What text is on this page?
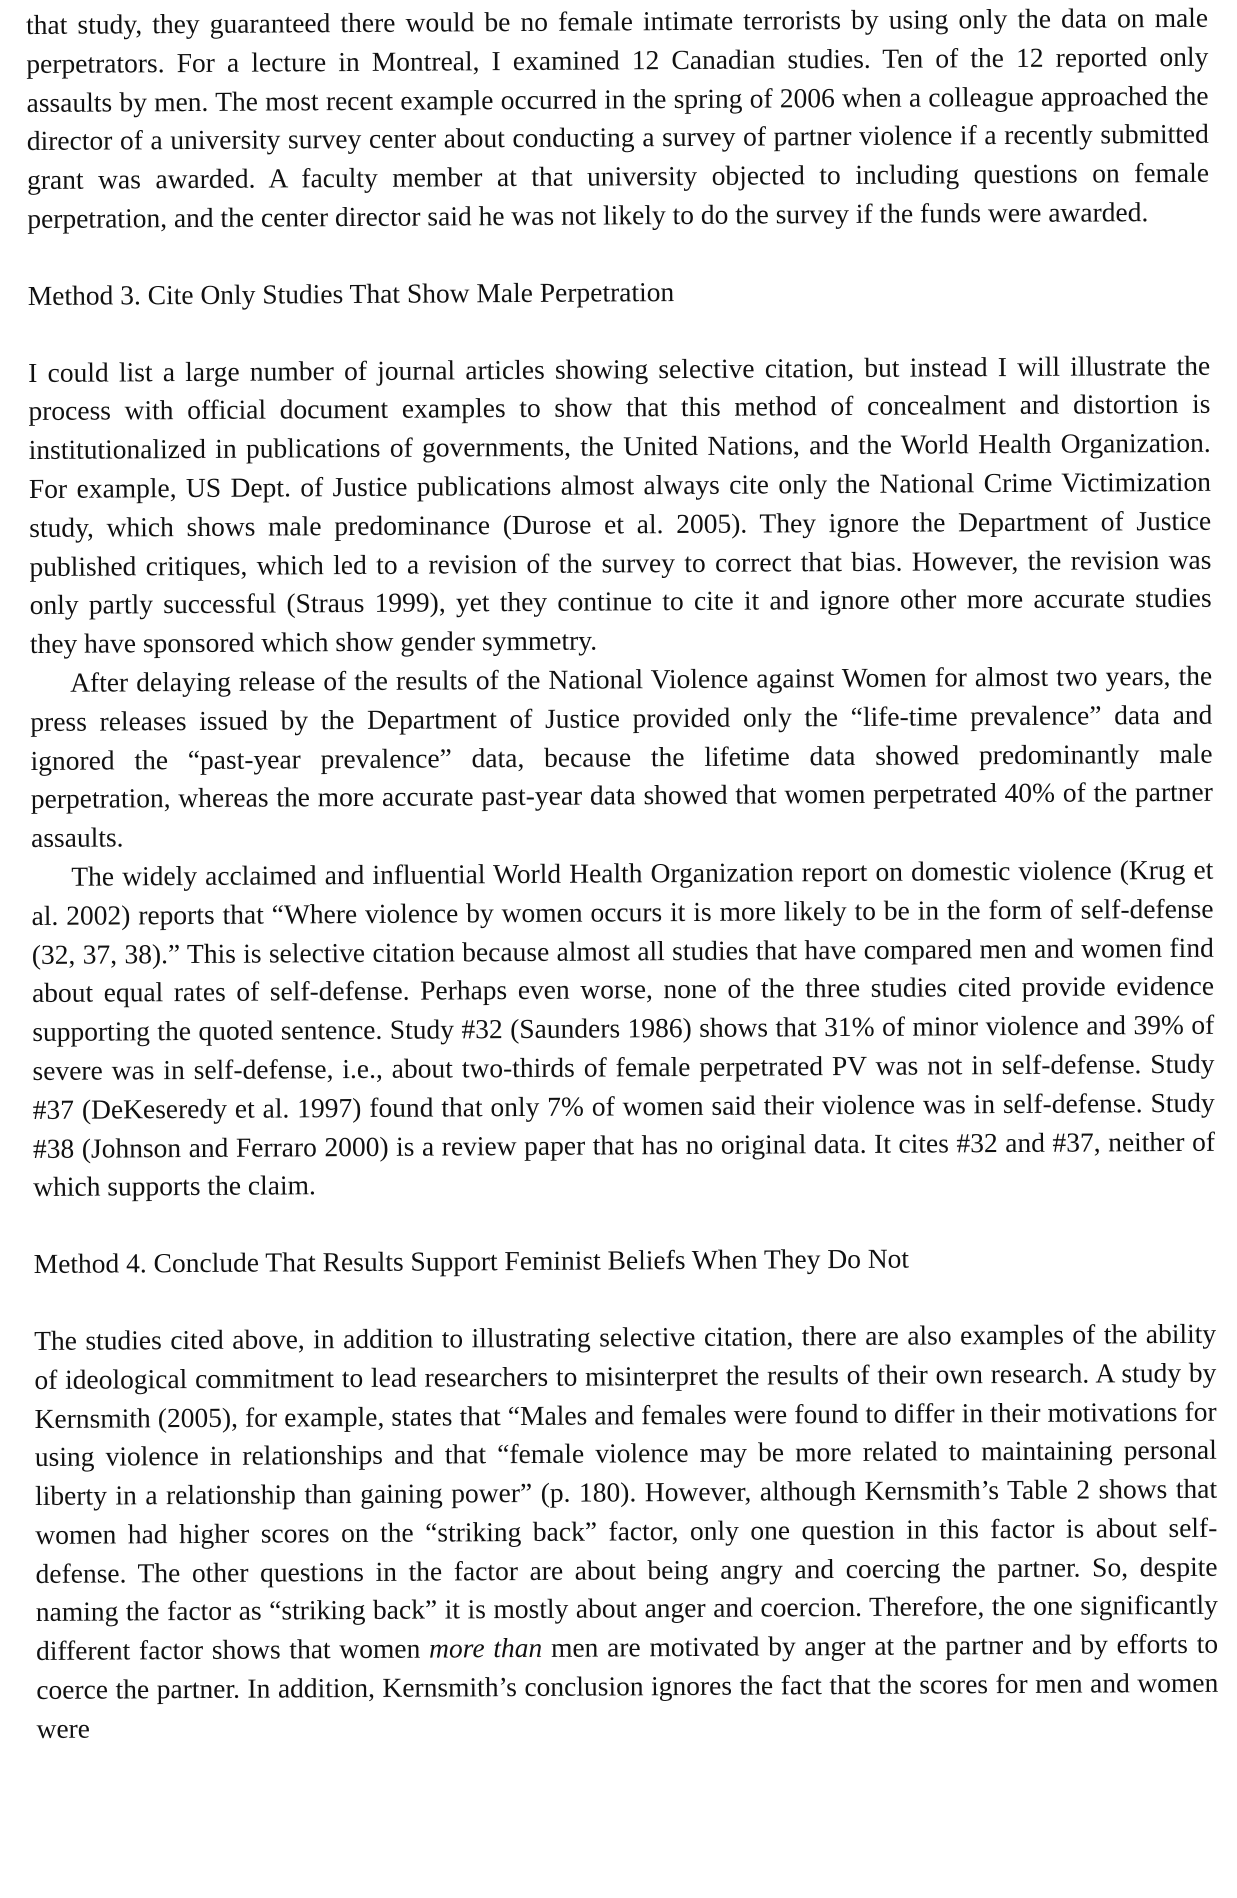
that study, they guaranteed there would be no female intimate terrorists by using only the data on male perpetrators. For a lecture in Montreal, I examined 12 Canadian studies. Ten of the 12 reported only assaults by men. The most recent example occurred in the spring of 2006 when a colleague approached the director of a university survey center about conducting a survey of partner violence if a recently submitted grant was awarded. A faculty member at that university objected to including questions on female perpetration, and the center director said he was not likely to do the survey if the funds were awarded.

Method 3. Cite Only Studies That Show Male Perpetration

I could list a large number of journal articles showing selective citation, but instead I will illustrate the process with official document examples to show that this method of concealment and distortion is institutionalized in publications of governments, the United Nations, and the World Health Organization. For example, US Dept. of Justice publications almost always cite only the National Crime Victimization study, which shows male predominance (Durose et al. 2005). They ignore the Department of Justice published critiques, which led to a revision of the survey to correct that bias. However, the revision was only partly successful (Straus 1999), yet they continue to cite it and ignore other more accurate studies they have sponsored which show gender symmetry.

After delaying release of the results of the National Violence against Women for almost two years, the press releases issued by the Department of Justice provided only the “life-time prevalence” data and ignored the “past-year prevalence” data, because the lifetime data showed predominantly male perpetration, whereas the more accurate past-year data showed that women perpetrated 40% of the partner assaults.

The widely acclaimed and influential World Health Organization report on domestic violence (Krug et al. 2002) reports that “Where violence by women occurs it is more likely to be in the form of self-defense (32, 37, 38).” This is selective citation because almost all studies that have compared men and women find about equal rates of self-defense. Perhaps even worse, none of the three studies cited provide evidence supporting the quoted sentence. Study #32 (Saunders 1986) shows that 31% of minor violence and 39% of severe was in self-defense, i.e., about two-thirds of female perpetrated PV was not in self-defense. Study #37 (DeKeseredy et al. 1997) found that only 7% of women said their violence was in self-defense. Study #38 (Johnson and Ferraro 2000) is a review paper that has no original data. It cites #32 and #37, neither of which supports the claim.

Method 4. Conclude That Results Support Feminist Beliefs When They Do Not

The studies cited above, in addition to illustrating selective citation, there are also examples of the ability of ideological commitment to lead researchers to misinterpret the results of their own research. A study by Kernsmith (2005), for example, states that “Males and females were found to differ in their motivations for using violence in relationships and that “female violence may be more related to maintaining personal liberty in a relationship than gaining power” (p. 180). However, although Kernsmith’s Table 2 shows that women had higher scores on the “striking back” factor, only one question in this factor is about self-defense. The other questions in the factor are about being angry and coercing the partner. So, despite naming the factor as “striking back” it is mostly about anger and coercion. Therefore, the one significantly different factor shows that women more than men are motivated by anger at the partner and by efforts to coerce the partner. In addition, Kernsmith’s conclusion ignores the fact that the scores for men and women were
